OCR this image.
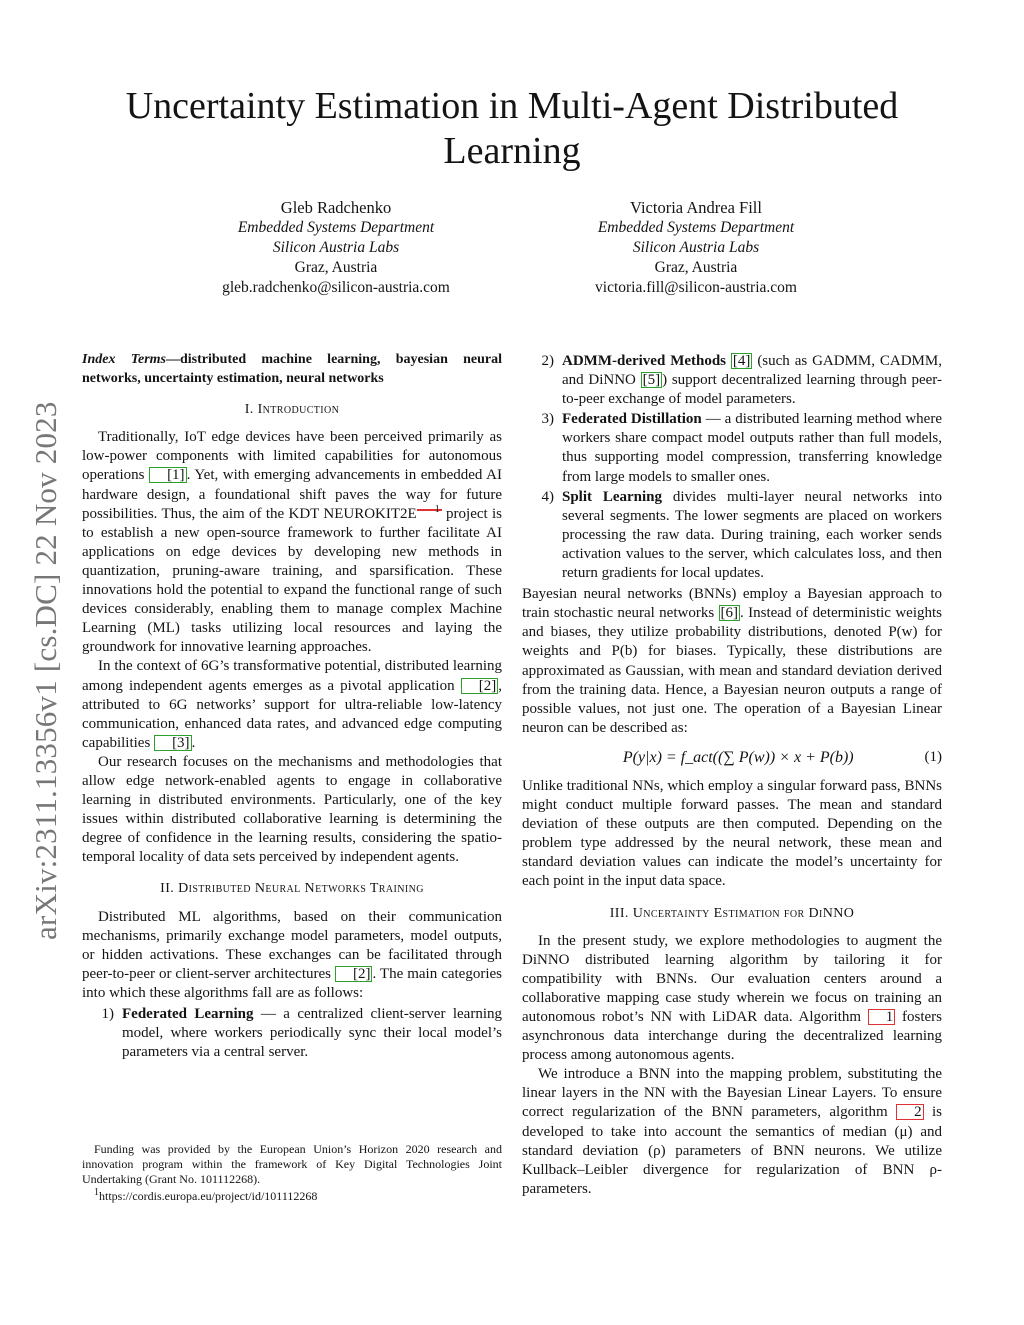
arXiv:2311.13356v1 [cs.DC] 22 Nov 2023
Uncertainty Estimation in Multi-Agent Distributed Learning
Gleb Radchenko
Embedded Systems Department
Silicon Austria Labs
Graz, Austria
gleb.radchenko@silicon-austria.com
Victoria Andrea Fill
Embedded Systems Department
Silicon Austria Labs
Graz, Austria
victoria.fill@silicon-austria.com

Index Terms—distributed machine learning, bayesian neural networks, uncertainty estimation, neural networks

I. Introduction

Traditionally, IoT edge devices have been perceived primarily as low-power components with limited capabilities for autonomous operations [1] . Yet, with emerging advancements in embedded AI hardware design, a foundational shift paves the way for future possibilities. Thus, the aim of the KDT NEUROKIT2E 1 project is to establish a new open-source framework to further facilitate AI applications on edge devices by developing new methods in quantization, pruning-aware training, and sparsification. These innovations hold the potential to expand the functional range of such devices considerably, enabling them to manage complex Machine Learning (ML) tasks utilizing local resources and laying the groundwork for innovative learning approaches.

In the context of 6G’s transformative potential, distributed learning among independent agents emerges as a pivotal application [2] , attributed to 6G networks’ support for ultra-reliable low-latency communication, enhanced data rates, and advanced edge computing capabilities [3] .

Our research focuses on the mechanisms and methodologies that allow edge network-enabled agents to engage in collaborative learning in distributed environments. Particularly, one of the key issues within distributed collaborative learning is determining the degree of confidence in the learning results, considering the spatio-temporal locality of data sets perceived by independent agents.

II. Distributed Neural Networks Training

Distributed ML algorithms, based on their communication mechanisms, primarily exchange model parameters, model outputs, or hidden activations. These exchanges can be facilitated through peer-to-peer or client-server architectures [2] . The main categories into which these algorithms fall are as follows:

1) Federated Learning — a centralized client-server learning model, where workers periodically sync their local model’s parameters via a central server.
2) ADMM-derived Methods [4] (such as GADMM, CADMM, and DiNNO [5] ) support decentralized learning through peer-to-peer exchange of model parameters.
3) Federated Distillation — a distributed learning method where workers share compact model outputs rather than full models, thus supporting model compression, transferring knowledge from large models to smaller ones.
4) Split Learning divides multi-layer neural networks into several segments. The lower segments are placed on workers processing the raw data. During training, each worker sends activation values to the server, which calculates loss, and then return gradients for local updates.

Bayesian neural networks (BNNs) employ a Bayesian approach to train stochastic neural networks [6] . Instead of deterministic weights and biases, they utilize probability distributions, denoted P(w) for weights and P(b) for biases. Typically, these distributions are approximated as Gaussian, with mean and standard deviation derived from the training data. Hence, a Bayesian neuron outputs a range of possible values, not just one. The operation of a Bayesian Linear neuron can be described as:

P(y|x) = f_act((∑ P(w)) × x + P(b))	(1)

Unlike traditional NNs, which employ a singular forward pass, BNNs might conduct multiple forward passes. The mean and standard deviation of these outputs are then computed. Depending on the problem type addressed by the neural network, these mean and standard deviation values can indicate the model’s uncertainty for each point in the input data space.

III. Uncertainty Estimation for DiNNO

In the present study, we explore methodologies to augment the DiNNO distributed learning algorithm by tailoring it for compatibility with BNNs. Our evaluation centers around a collaborative mapping case study wherein we focus on training an autonomous robot’s NN with LiDAR data. Algorithm 1 fosters asynchronous data interchange during the decentralized learning process among autonomous agents.

We introduce a BNN into the mapping problem, substituting the linear layers in the NN with the Bayesian Linear Layers. To ensure correct regularization of the BNN parameters, algorithm 2 is developed to take into account the semantics of median (μ) and standard deviation (ρ) parameters of BNN neurons. We utilize Kullback–Leibler divergence for regularization of BNN ρ-parameters.

Funding was provided by the European Union’s Horizon 2020 research and innovation program within the framework of Key Digital Technologies Joint Undertaking (Grant No. 101112268).

$^1$https://cordis.europa.eu/project/id/101112268
